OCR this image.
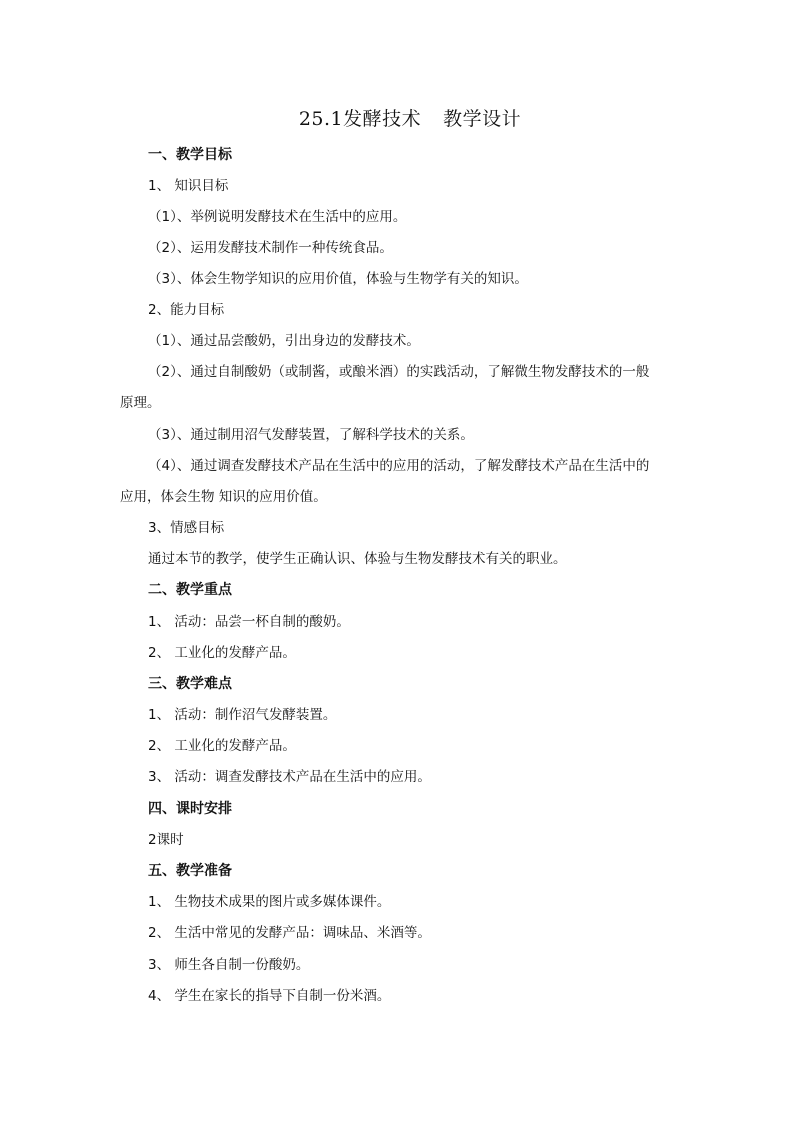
25.1发酵技术 教学设计
一、教学目标
1、 知识目标
（1）、举例说明发酵技术在生活中的应用。
（2）、运用发酵技术制作一种传统食品。
（3）、体会生物学知识的应用价值，体验与生物学有关的知识。
2、能力目标
（1）、通过品尝酸奶，引出身边的发酵技术。
（2）、通过自制酸奶（或制酱，或酿米酒）的实践活动，了解微生物发酵技术的一般
原理。
（3）、通过制用沼气发酵装置，了解科学技术的关系。
（4）、通过调查发酵技术产品在生活中的应用的活动，了解发酵技术产品在生活中的
应用，体会生物 知识的应用价值。
3、情感目标
通过本节的教学，使学生正确认识、体验与生物发酵技术有关的职业。
二、教学重点
1、 活动：品尝一杯自制的酸奶。
2、 工业化的发酵产品。
三、教学难点
1、 活动：制作沼气发酵装置。
2、 工业化的发酵产品。
3、 活动：调查发酵技术产品在生活中的应用。
四、课时安排
2课时
五、教学准备
1、 生物技术成果的图片或多媒体课件。
2、 生活中常见的发酵产品：调味品、米酒等。
3、 师生各自制一份酸奶。
4、 学生在家长的指导下自制一份米酒。
